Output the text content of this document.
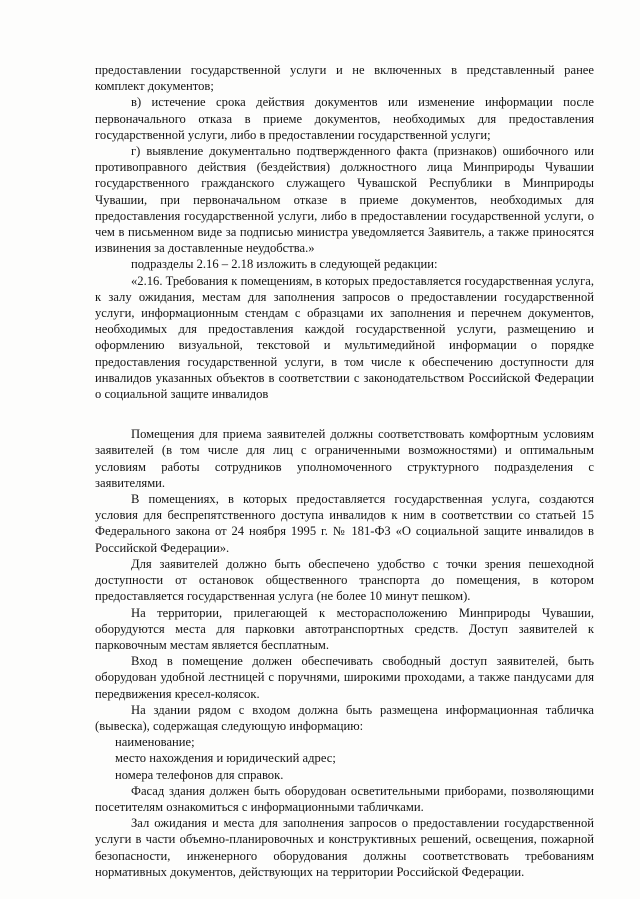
предоставлении государственной услуги и не включенных в представленный ранее комплект документов;

в) истечение срока действия документов или изменение информации после первоначального отказа в приеме документов, необходимых для предоставления государственной услуги, либо в предоставлении государственной услуги;

г) выявление документально подтвержденного факта (признаков) ошибочного или противоправного действия (бездействия) должностного лица Минприроды Чувашии государственного гражданского служащего Чувашской Республики в Минприроды Чувашии, при первоначальном отказе в приеме документов, необходимых для предоставления государственной услуги, либо в предоставлении государственной услуги, о чем в письменном виде за подписью министра уведомляется Заявитель, а также приносятся извинения за доставленные неудобства.»

подразделы 2.16 – 2.18 изложить в следующей редакции:

«2.16. Требования к помещениям, в которых предоставляется государственная услуга, к залу ожидания, местам для заполнения запросов о предоставлении государственной услуги, информационным стендам с образцами их заполнения и перечнем документов, необходимых для предоставления каждой государственной услуги, размещению и оформлению визуальной, текстовой и мультимедийной информации о порядке предоставления государственной услуги, в том числе к обеспечению доступности для инвалидов указанных объектов в соответствии с законодательством Российской Федерации о социальной защите инвалидов

Помещения для приема заявителей должны соответствовать комфортным условиям заявителей (в том числе для лиц с ограниченными возможностями) и оптимальным условиям работы сотрудников уполномоченного структурного подразделения с заявителями.

В помещениях, в которых предоставляется государственная услуга, создаются условия для беспрепятственного доступа инвалидов к ним в соответствии со статьей 15 Федерального закона от 24 ноября 1995 г. № 181-ФЗ «О социальной защите инвалидов в Российской Федерации».

Для заявителей должно быть обеспечено удобство с точки зрения пешеходной доступности от остановок общественного транспорта до помещения, в котором предоставляется государственная услуга (не более 10 минут пешком).

На территории, прилегающей к месторасположению Минприроды Чувашии, оборудуются места для парковки автотранспортных средств. Доступ заявителей к парковочным местам является бесплатным.

Вход в помещение должен обеспечивать свободный доступ заявителей, быть оборудован удобной лестницей с поручнями, широкими проходами, а также пандусами для передвижения кресел-колясок.

На здании рядом с входом должна быть размещена информационная табличка (вывеска), содержащая следующую информацию:

наименование;

место нахождения и юридический адрес;

номера телефонов для справок.

Фасад здания должен быть оборудован осветительными приборами, позволяющими посетителям ознакомиться с информационными табличками.

Зал ожидания и места для заполнения запросов о предоставлении государственной услуги в части объемно-планировочных и конструктивных решений, освещения, пожарной безопасности, инженерного оборудования должны соответствовать требованиям нормативных документов, действующих на территории Российской Федерации.
